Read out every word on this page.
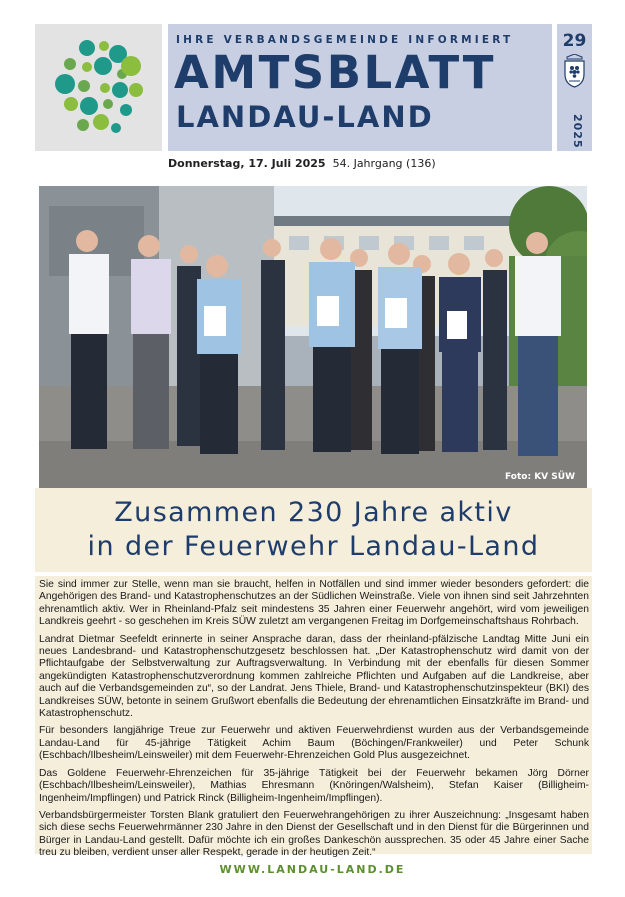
IHRE VERBANDSGEMEINDE INFORMIERT
AMTSBLATT
LANDAU-LAND
29
2025
Donnerstag, 17. Juli 2025 54. Jahrgang (136)
Foto: KV SÜW
Zusammen 230 Jahre aktiv
in der Feuerwehr Landau-Land

Sie sind immer zur Stelle, wenn man sie braucht, helfen in Notfällen und sind immer wieder besonders gefordert: die Angehörigen des Brand- und Katastrophenschutzes an der Südlichen Weinstraße. Viele von ihnen sind seit Jahrzehnten ehrenamtlich aktiv. Wer in Rheinland-Pfalz seit mindestens 35 Jahren einer Feuerwehr angehört, wird vom jeweiligen Landkreis geehrt - so geschehen im Kreis SÜW zuletzt am vergangenen Freitag im Dorfgemeinschaftshaus Rohrbach.

Landrat Dietmar Seefeldt erinnerte in seiner Ansprache daran, dass der rheinland-pfälzische Landtag Mitte Juni ein neues Landesbrand- und Katastrophenschutzgesetz beschlossen hat. „Der Katastrophenschutz wird damit von der Pflichtaufgabe der Selbstverwaltung zur Auftragsverwaltung. In Verbindung mit der ebenfalls für diesen Sommer angekündigten Katastrophenschutzverordnung kommen zahlreiche Pflichten und Aufgaben auf die Landkreise, aber auch auf die Verbandsgemeinden zu“, so der Landrat. Jens Thiele, Brand- und Katastrophenschutzinspekteur (BKI) des Landkreises SÜW, betonte in seinem Grußwort ebenfalls die Bedeutung der ehrenamtlichen Einsatzkräfte im Brand- und Katastrophenschutz.

Für besonders langjährige Treue zur Feuerwehr und aktiven Feuerwehrdienst wurden aus der Verbandsgemeinde Landau-Land für 45-jährige Tätigkeit Achim Baum (Böchingen/Frankweiler) und Peter Schunk (Eschbach/Ilbesheim/Leinsweiler) mit dem Feuerwehr-Ehrenzeichen Gold Plus ausgezeichnet.

Das Goldene Feuerwehr-Ehrenzeichen für 35-jährige Tätigkeit bei der Feuerwehr bekamen Jörg Dörner (Eschbach/Ilbesheim/Leinsweiler), Mathias Ehresmann (Knöringen/Walsheim), Stefan Kaiser (Billigheim-Ingenheim/Impflingen) und Patrick Rinck (Billigheim-Ingenheim/Impflingen).

Verbandsbürgermeister Torsten Blank gratuliert den Feuerwehrangehörigen zu ihrer Auszeichnung: „Insgesamt haben sich diese sechs Feuerwehrmänner 230 Jahre in den Dienst der Gesellschaft und in den Dienst für die Bürgerinnen und Bürger in Landau-Land gestellt. Dafür möchte ich ein großes Dankeschön aussprechen. 35 oder 45 Jahre einer Sache treu zu bleiben, verdient unser aller Respekt, gerade in der heutigen Zeit.“

WWW.LANDAU-LAND.DE
